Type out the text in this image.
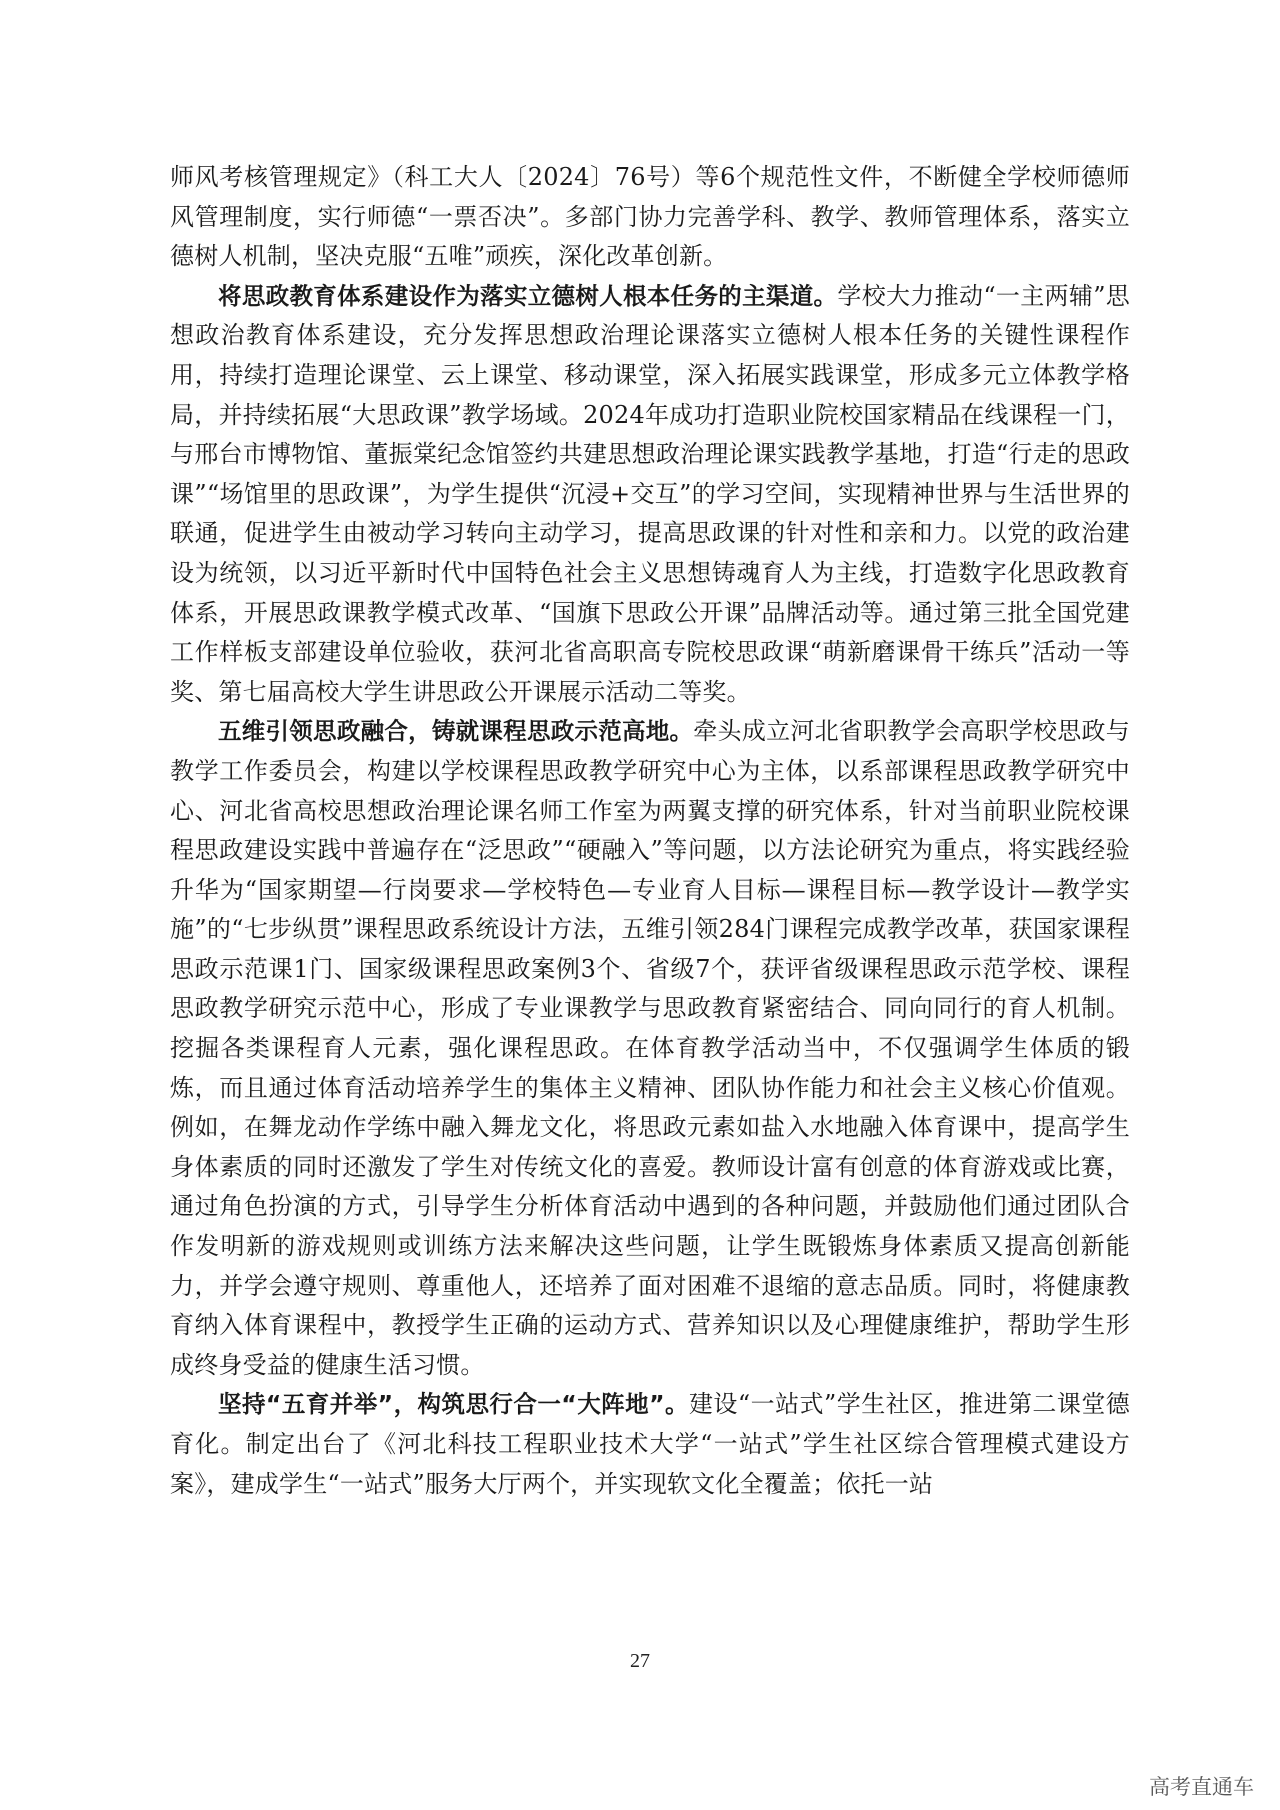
师风考核管理规定》（科工大人〔2024〕76号）等6个规范性文件，不断健全学校师德师风管理制度，实行师德“一票否决”。多部门协力完善学科、教学、教师管理体系，落实立德树人机制，坚决克服“五唯”顽疾，深化改革创新。

将思政教育体系建设作为落实立德树人根本任务的主渠道。学校大力推动“一主两辅”思想政治教育体系建设，充分发挥思想政治理论课落实立德树人根本任务的关键性课程作用，持续打造理论课堂、云上课堂、移动课堂，深入拓展实践课堂，形成多元立体教学格局，并持续拓展“大思政课”教学场域。2024年成功打造职业院校国家精品在线课程一门，与邢台市博物馆、董振棠纪念馆签约共建思想政治理论课实践教学基地，打造“行走的思政课”“场馆里的思政课”，为学生提供“沉浸+交互”的学习空间，实现精神世界与生活世界的联通，促进学生由被动学习转向主动学习，提高思政课的针对性和亲和力。以党的政治建设为统领，以习近平新时代中国特色社会主义思想铸魂育人为主线，打造数字化思政教育体系，开展思政课教学模式改革、“国旗下思政公开课”品牌活动等。通过第三批全国党建工作样板支部建设单位验收，获河北省高职高专院校思政课“萌新磨课骨干练兵”活动一等奖、第七届高校大学生讲思政公开课展示活动二等奖。

五维引领思政融合，铸就课程思政示范高地。牵头成立河北省职教学会高职学校思政与教学工作委员会，构建以学校课程思政教学研究中心为主体，以系部课程思政教学研究中心、河北省高校思想政治理论课名师工作室为两翼支撑的研究体系，针对当前职业院校课程思政建设实践中普遍存在“泛思政”“硬融入”等问题，以方法论研究为重点，将实践经验升华为“国家期望—行岗要求—学校特色—专业育人目标—课程目标—教学设计—教学实施”的“七步纵贯”课程思政系统设计方法，五维引领284门课程完成教学改革，获国家课程思政示范课1门、国家级课程思政案例3个、省级7个，获评省级课程思政示范学校、课程思政教学研究示范中心，形成了专业课教学与思政教育紧密结合、同向同行的育人机制。挖掘各类课程育人元素，强化课程思政。在体育教学活动当中，不仅强调学生体质的锻炼，而且通过体育活动培养学生的集体主义精神、团队协作能力和社会主义核心价值观。例如，在舞龙动作学练中融入舞龙文化，将思政元素如盐入水地融入体育课中，提高学生身体素质的同时还激发了学生对传统文化的喜爱。教师设计富有创意的体育游戏或比赛，通过角色扮演的方式，引导学生分析体育活动中遇到的各种问题，并鼓励他们通过团队合作发明新的游戏规则或训练方法来解决这些问题，让学生既锻炼身体素质又提高创新能力，并学会遵守规则、尊重他人，还培养了面对困难不退缩的意志品质。同时，将健康教育纳入体育课程中，教授学生正确的运动方式、营养知识以及心理健康维护，帮助学生形成终身受益的健康生活习惯。

坚持“五育并举”，构筑思行合一“大阵地”。建设“一站式”学生社区，推进第二课堂德育化。制定出台了《河北科技工程职业技术大学“一站式”学生社区综合管理模式建设方案》，建成学生“一站式”服务大厅两个，并实现软文化全覆盖；依托一站

27
高考直通车
